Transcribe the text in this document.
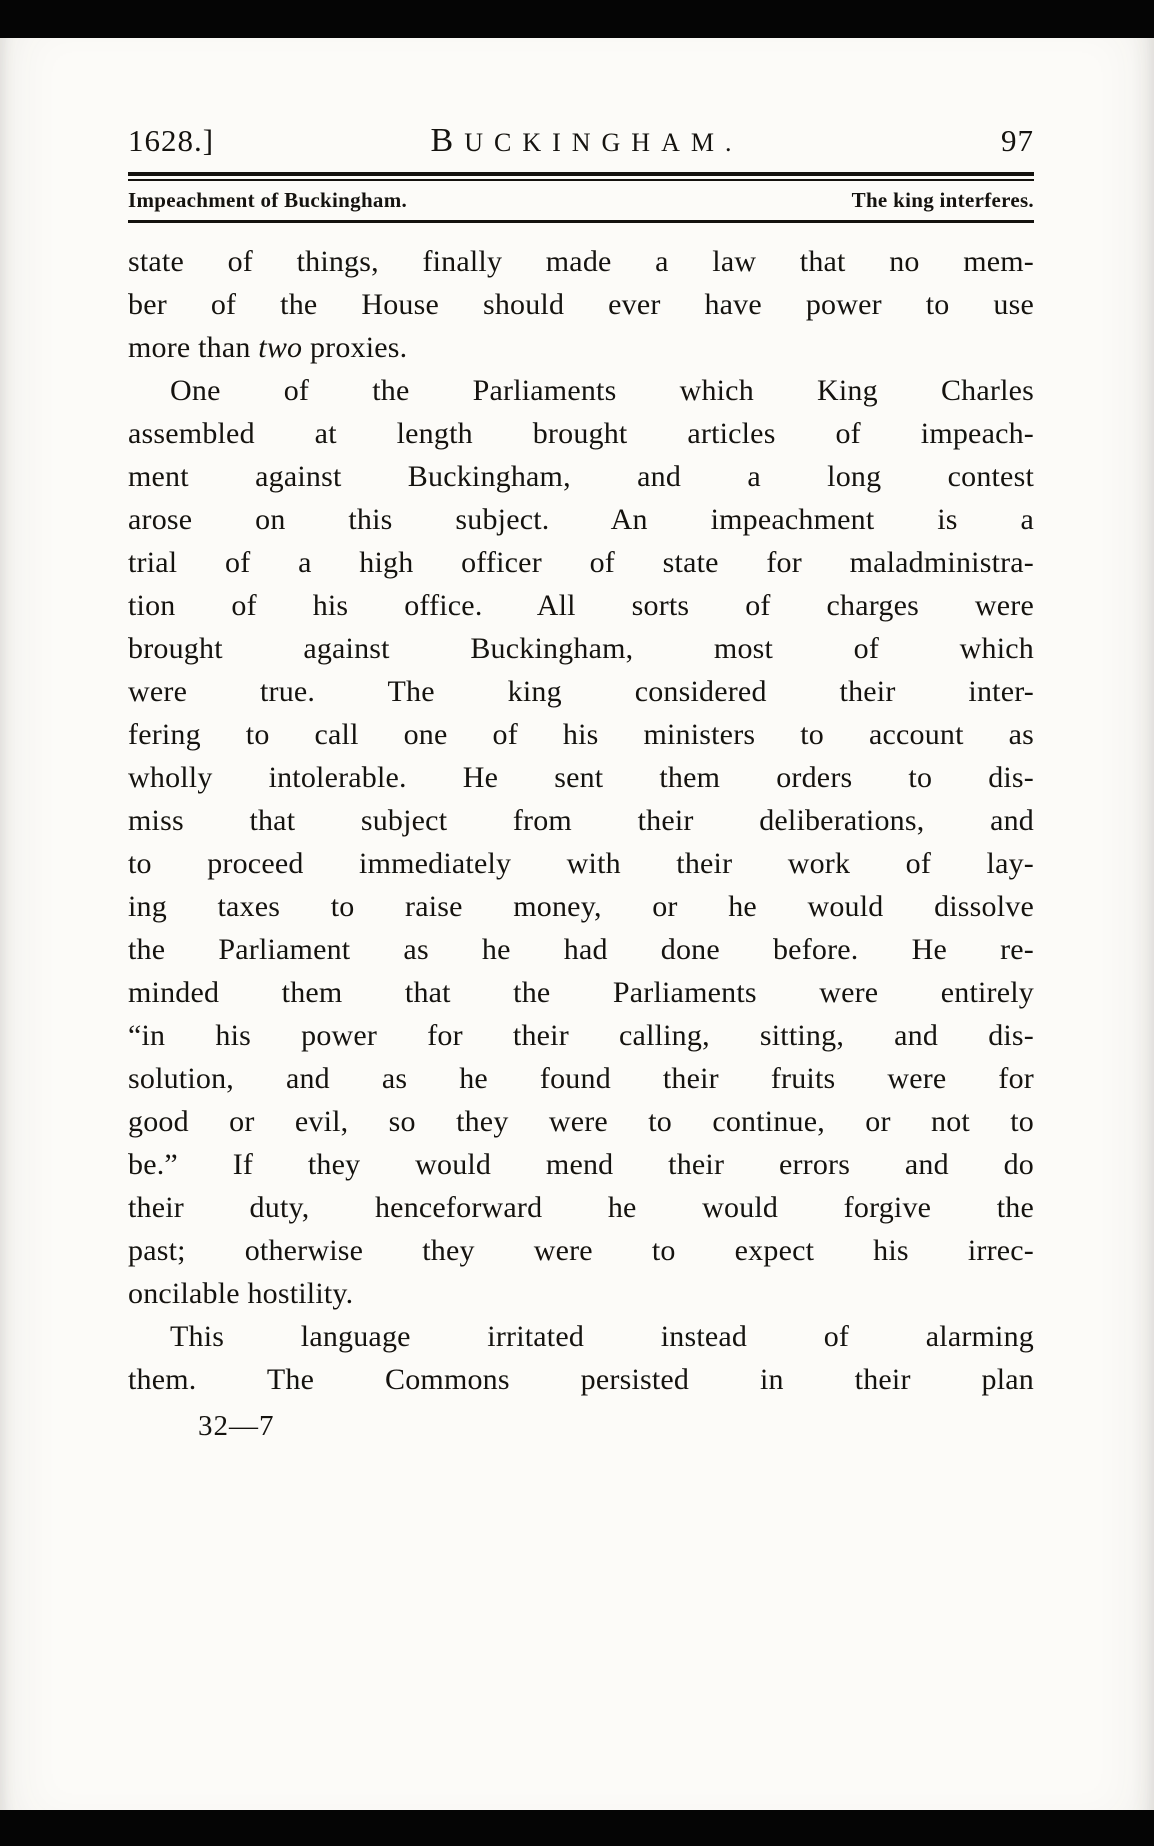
1628.]	BUCKINGHAM.	97
Impeachment of Buckingham.	The king interferes.
state of things, finally made a law that no mem-
ber of the House should ever have power to use
more than two proxies.
One of the Parliaments which King Charles
assembled at length brought articles of impeach-
ment against Buckingham, and a long contest
arose on this subject. An impeachment is a
trial of a high officer of state for maladministra-
tion of his office. All sorts of charges were
brought against Buckingham, most of which
were true. The king considered their inter-
fering to call one of his ministers to account as
wholly intolerable. He sent them orders to dis-
miss that subject from their deliberations, and
to proceed immediately with their work of lay-
ing taxes to raise money, or he would dissolve
the Parliament as he had done before. He re-
minded them that the Parliaments were entirely
“in his power for their calling, sitting, and dis-
solution, and as he found their fruits were for
good or evil, so they were to continue, or not to
be.” If they would mend their errors and do
their duty, henceforward he would forgive the
past; otherwise they were to expect his irrec-
oncilable hostility.
This language irritated instead of alarming
them. The Commons persisted in their plan
32—7
